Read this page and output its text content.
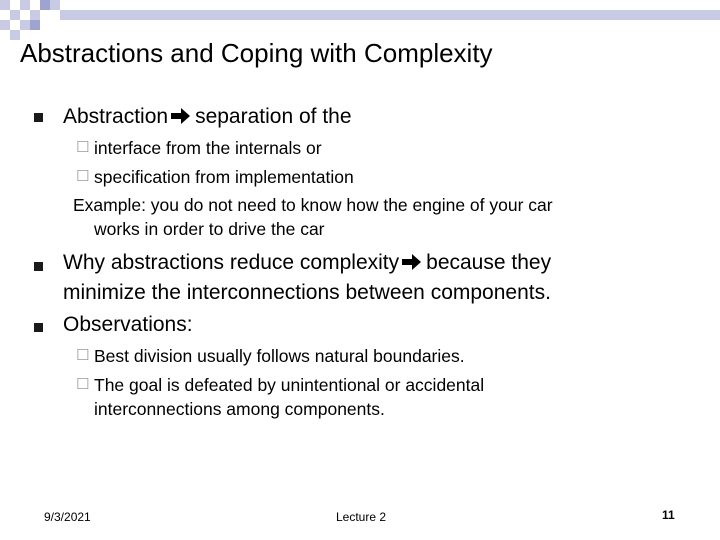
Abstractions and Coping with Complexity
Abstraction separation of the
☐ interface from the internals or
☐ specification from implementation
Example: you do not need to know how the engine of your car
works in order to drive the car
Why abstractions reduce complexity because they
minimize the interconnections between components.
Observations:
☐ Best division usually follows natural boundaries.
☐ The goal is defeated by unintentional or accidental
interconnections among components.
9/3/2021	Lecture 2	11
